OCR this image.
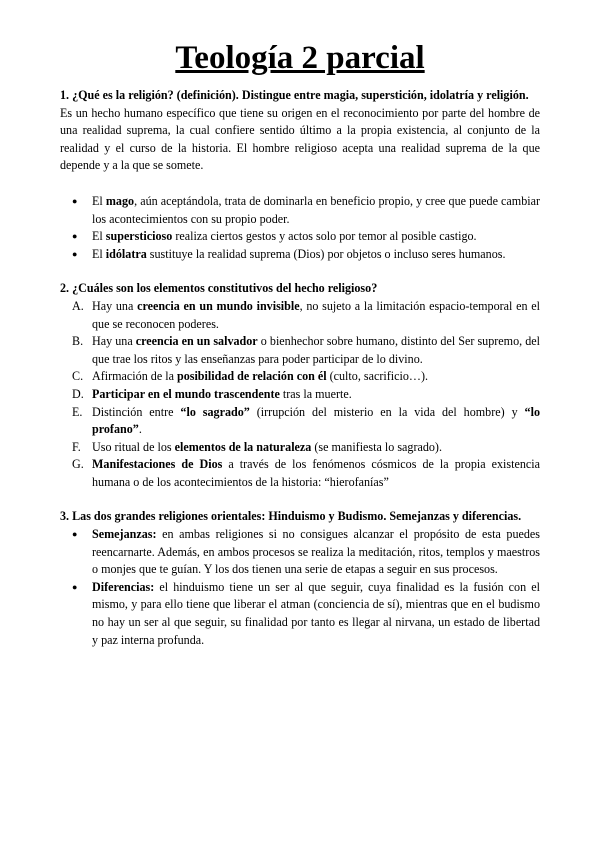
Teología 2 parcial

1. ¿Qué es la religión? (definición). Distingue entre magia, superstición, idolatría y religión.

Es un hecho humano específico que tiene su origen en el reconocimiento por parte del hombre de una realidad suprema, la cual confiere sentido último a la propia existencia, al conjunto de la realidad y el curso de la historia. El hombre religioso acepta una realidad suprema de la que depende y a la que se somete.

● El mago, aún aceptándola, trata de dominarla en beneficio propio, y cree que puede cambiar los acontecimientos con su propio poder.
● El supersticioso realiza ciertos gestos y actos solo por temor al posible castigo.
● El idólatra sustituye la realidad suprema (Dios) por objetos o incluso seres humanos.

2. ¿Cuáles son los elementos constitutivos del hecho religioso?

A. Hay una creencia en un mundo invisible, no sujeto a la limitación espacio-temporal en el que se reconocen poderes.
B. Hay una creencia en un salvador o bienhechor sobre humano, distinto del Ser supremo, del que trae los ritos y las enseñanzas para poder participar de lo divino.
C. Afirmación de la posibilidad de relación con él (culto, sacrificio…).
D. Participar en el mundo trascendente tras la muerte.
E. Distinción entre “lo sagrado” (irrupción del misterio en la vida del hombre) y “lo profano”.
F. Uso ritual de los elementos de la naturaleza (se manifiesta lo sagrado).
G. Manifestaciones de Dios a través de los fenómenos cósmicos de la propia existencia humana o de los acontecimientos de la historia: “hierofanías”

3. Las dos grandes religiones orientales: Hinduismo y Budismo. Semejanzas y diferencias.

● Semejanzas: en ambas religiones si no consigues alcanzar el propósito de esta puedes reencarnarte. Además, en ambos procesos se realiza la meditación, ritos, templos y maestros o monjes que te guían. Y los dos tienen una serie de etapas a seguir en sus procesos.
● Diferencias: el hinduismo tiene un ser al que seguir, cuya finalidad es la fusión con el mismo, y para ello tiene que liberar el atman (conciencia de sí), mientras que en el budismo no hay un ser al que seguir, su finalidad por tanto es llegar al nirvana, un estado de libertad y paz interna profunda.
